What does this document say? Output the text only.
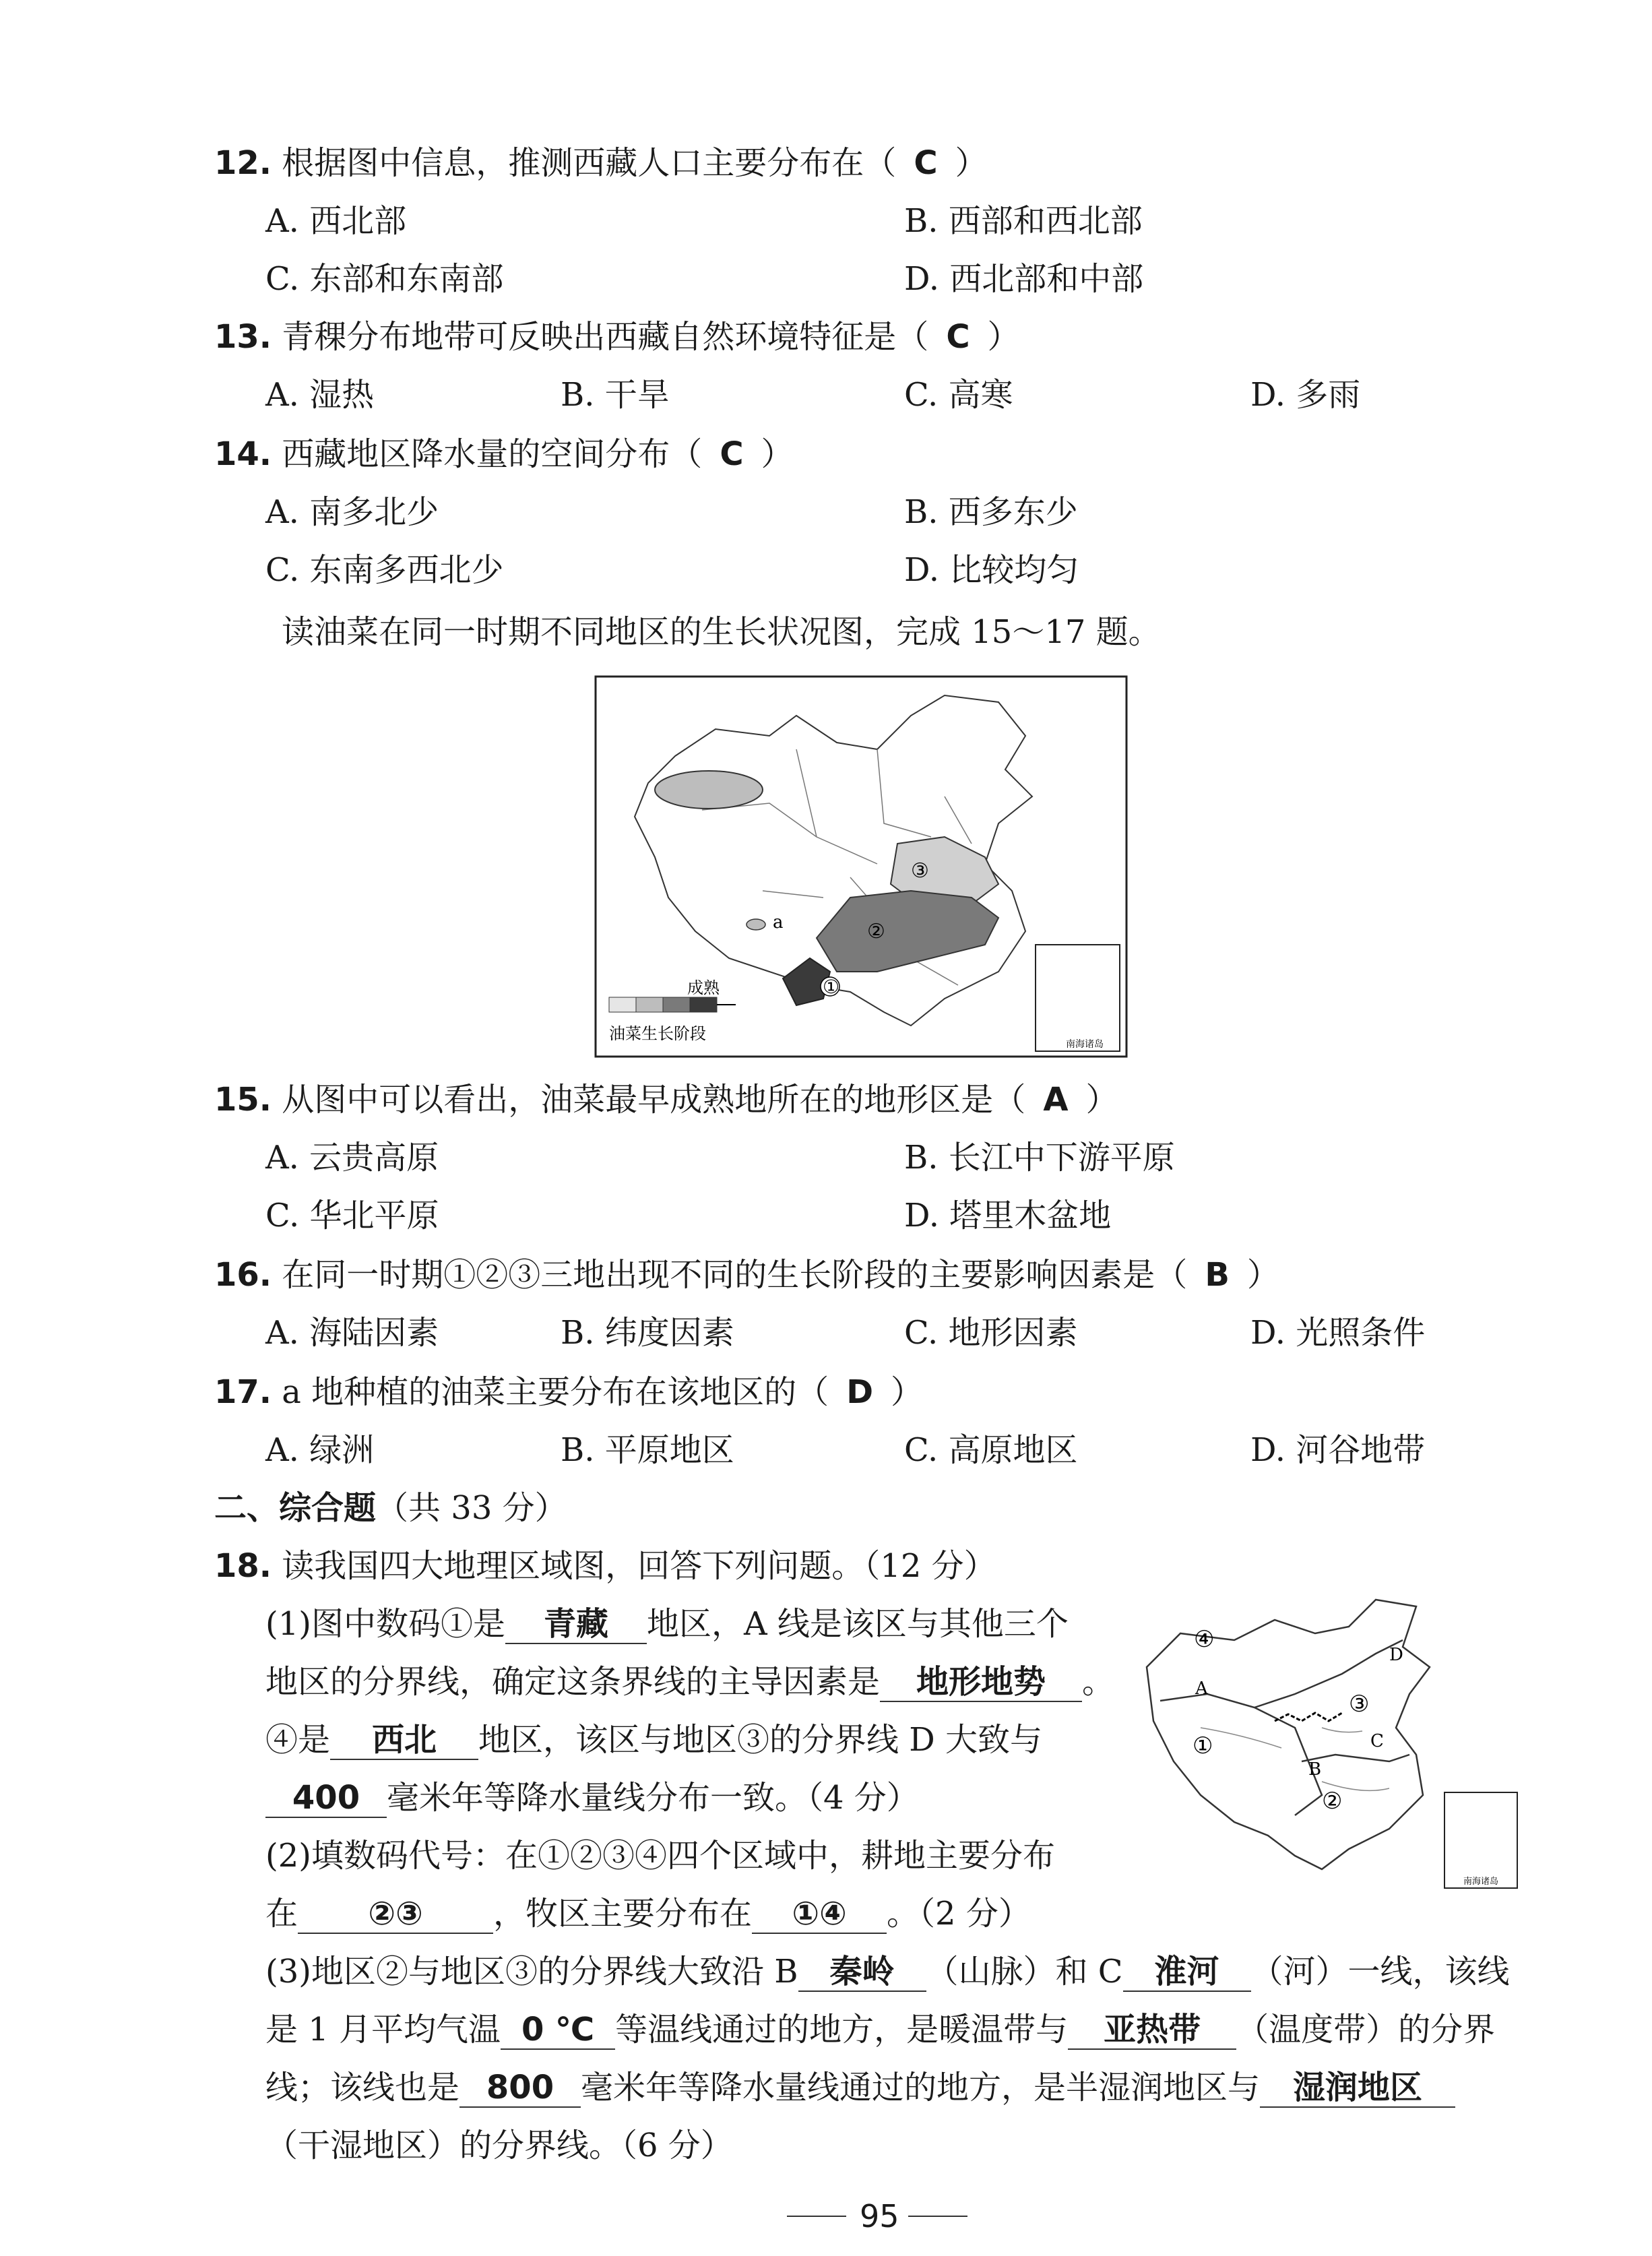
12. 根据图中信息，推测西藏人口主要分布在（ C ）
A. 西北部	B. 西部和西北部
C. 东部和东南部	D. 西北部和中部
13. 青稞分布地带可反映出西藏自然环境特征是（ C ）
A. 湿热	B. 干旱	C. 高寒	D. 多雨
14. 西藏地区降水量的空间分布（ C ）
A. 南多北少	B. 西多东少
C. 东南多西北少	D. 比较均匀
读油菜在同一时期不同地区的生长状况图，完成 15～17 题。
①
②
③
a
成熟
油菜生长阶段
南海诸岛
15. 从图中可以看出，油菜最早成熟地所在的地形区是（ A ）
A. 云贵高原	B. 长江中下游平原
C. 华北平原	D. 塔里木盆地
16. 在同一时期①②③三地出现不同的生长阶段的主要影响因素是（ B ）
A. 海陆因素	B. 纬度因素	C. 地形因素	D. 光照条件
17. a 地种植的油菜主要分布在该地区的（ D ）
A. 绿洲	B. 平原地区	C. 高原地区	D. 河谷地带
二、综合题（共 33 分）
18. 读我国四大地理区域图，回答下列问题。（12 分）
(1)图中数码①是 青藏 地区，A 线是该区与其他三个
地区的分界线，确定这条界线的主导因素是 地形地势 。
④是 西北 地区，该区与地区③的分界线 D 大致与
400 毫米年等降水量线分布一致。（4 分）
(2)填数码代号：在①②③④四个区域中，耕地主要分布
在 ②③ ，牧区主要分布在 ①④ 。（2 分）
(3)地区②与地区③的分界线大致沿 B 秦岭 （山脉）和 C 淮河 （河）一线，该线
是 1 月平均气温 0 ℃ 等温线通过的地方，是暖温带与 亚热带 （温度带）的分界
线；该线也是 800 毫米年等降水量线通过的地方，是半湿润地区与 湿润地区
（干湿地区）的分界线。（6 分）
④
①
③
②
A
B
C
D
南海诸岛
95
